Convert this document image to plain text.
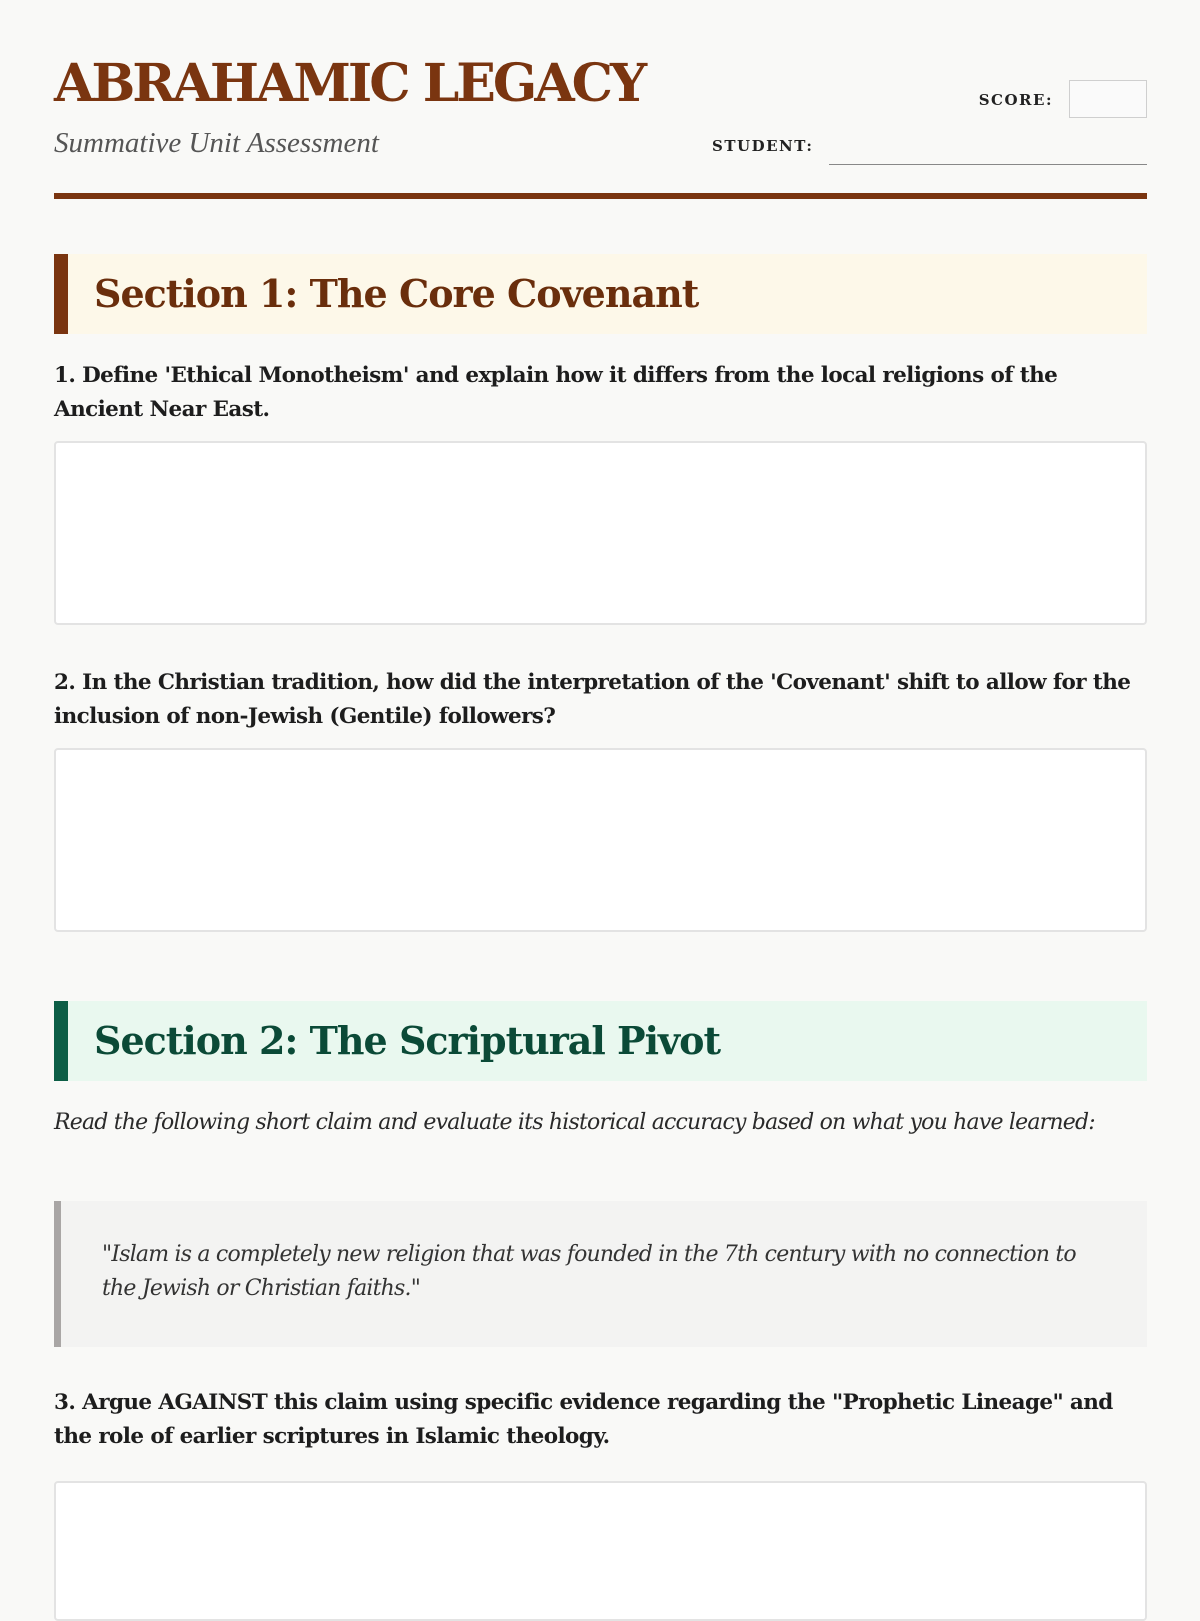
ABRAHAMIC LEGACY
Summative Unit Assessment
SCORE:
STUDENT:
Section 1: The Core Covenant
1. Define 'Ethical Monotheism' and explain how it differs from the local religions of the Ancient Near East.
2. In the Christian tradition, how did the interpretation of the 'Covenant' shift to allow for the inclusion of non-Jewish (Gentile) followers?
Section 2: The Scriptural Pivot
Read the following short claim and evaluate its historical accuracy based on what you have learned:
"Islam is a completely new religion that was founded in the 7th century with no connection to the Jewish or Christian faiths."
3. Argue AGAINST this claim using specific evidence regarding the "Prophetic Lineage" and the role of earlier scriptures in Islamic theology.
